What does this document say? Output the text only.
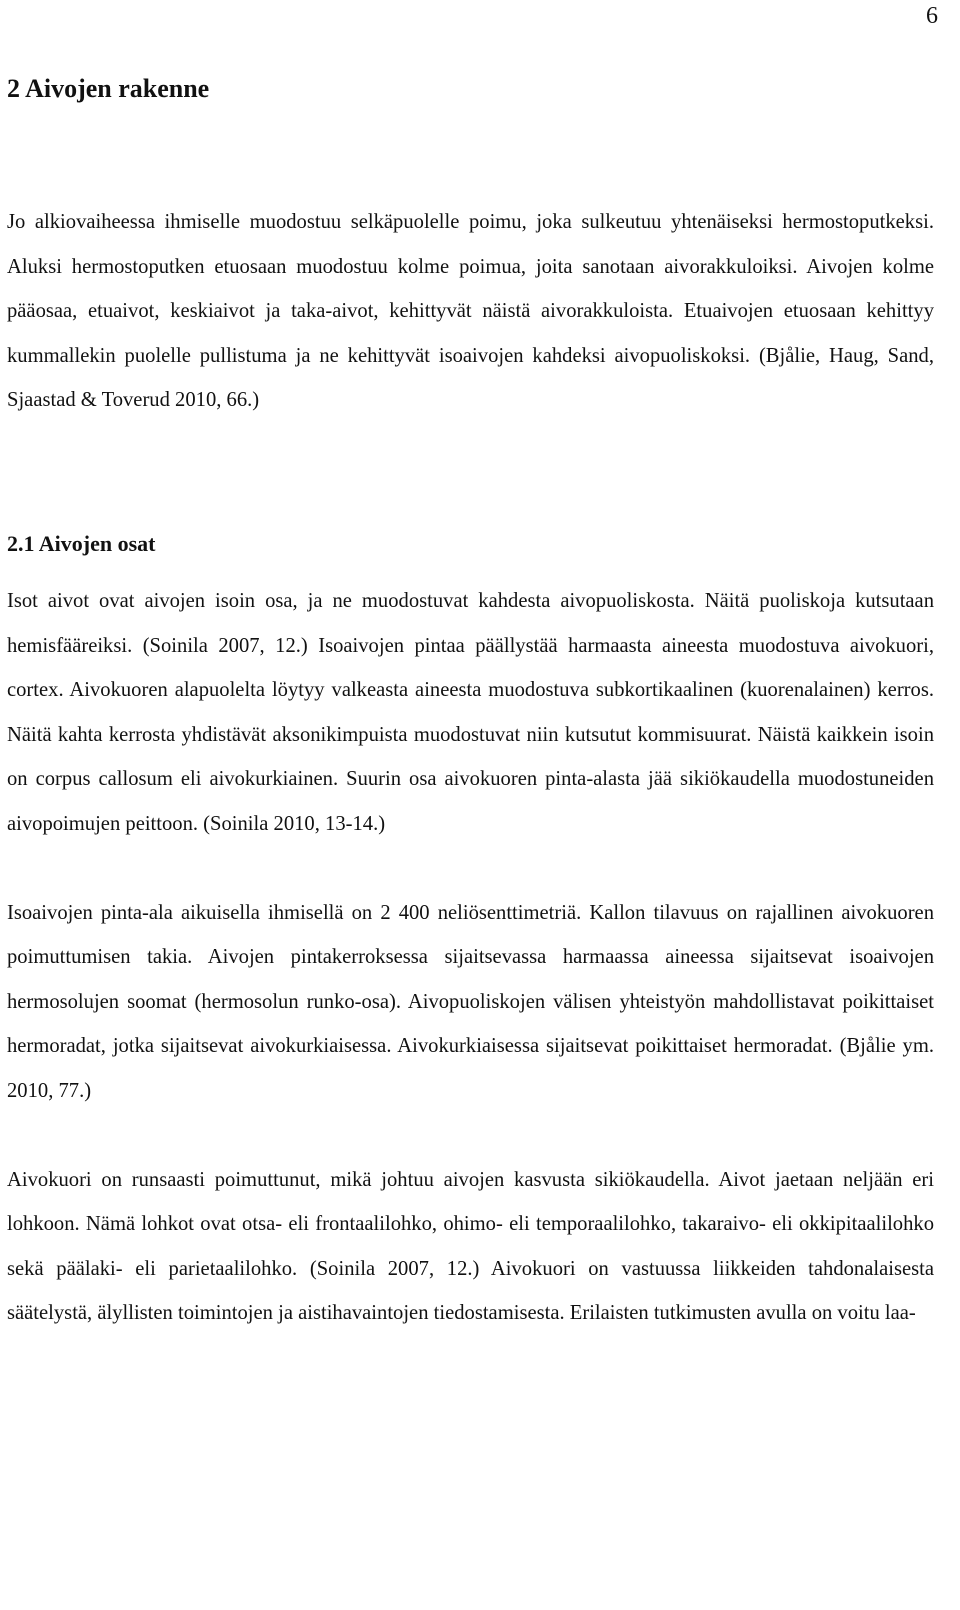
6
2 Aivojen rakenne

Jo alkiovaiheessa ihmiselle muodostuu selkäpuolelle poimu, joka sulkeutuu yhtenäiseksi hermostoputkeksi. Aluksi hermostoputken etuosaan muodostuu kolme poimua, joita sanotaan aivorakkuloiksi. Aivojen kolme pääosaa, etuaivot, keskiaivot ja taka-aivot, kehittyvät näistä aivorakkuloista. Etuaivojen etuosaan kehittyy kummallekin puolelle pullistuma ja ne kehittyvät isoaivojen kahdeksi aivopuoliskoksi. (Bjålie, Haug, Sand, Sjaastad & Toverud 2010, 66.)

2.1 Aivojen osat

Isot aivot ovat aivojen isoin osa, ja ne muodostuvat kahdesta aivopuoliskosta. Näitä puoliskoja kutsutaan hemisfääreiksi. (Soinila 2007, 12.) Isoaivojen pintaa päällystää harmaasta aineesta muodostuva aivokuori, cortex. Aivokuoren alapuolelta löytyy valkeasta aineesta muodostuva subkortikaalinen (kuorenalainen) kerros. Näitä kahta kerrosta yhdistävät aksonikimpuista muodostuvat niin kutsutut kommisuurat. Näistä kaikkein isoin on corpus callosum eli aivokurkiainen. Suurin osa aivokuoren pinta-alasta jää sikiökaudella muodostuneiden aivopoimujen peittoon. (Soinila 2010, 13-14.)

Isoaivojen pinta-ala aikuisella ihmisellä on 2 400 neliösenttimetriä. Kallon tilavuus on rajallinen aivokuoren poimuttumisen takia. Aivojen pintakerroksessa sijaitsevassa harmaassa aineessa sijaitsevat isoaivojen hermosolujen soomat (hermosolun runko-osa). Aivopuoliskojen välisen yhteistyön mahdollistavat poikittaiset hermoradat, jotka sijaitsevat aivokurkiaisessa. Aivokurkiaisessa sijaitsevat poikittaiset hermoradat. (Bjålie ym. 2010, 77.)

Aivokuori on runsaasti poimuttunut, mikä johtuu aivojen kasvusta sikiökaudella. Aivot jaetaan neljään eri lohkoon. Nämä lohkot ovat otsa- eli frontaalilohko, ohimo- eli temporaalilohko, takaraivo- eli okkipitaalilohko sekä päälaki- eli parietaalilohko. (Soinila 2007, 12.) Aivokuori on vastuussa liikkeiden tahdonalaisesta säätelystä, älyllisten toimintojen ja aistihavaintojen tiedostamisesta. Erilaisten tutkimusten avulla on voitu laa-
